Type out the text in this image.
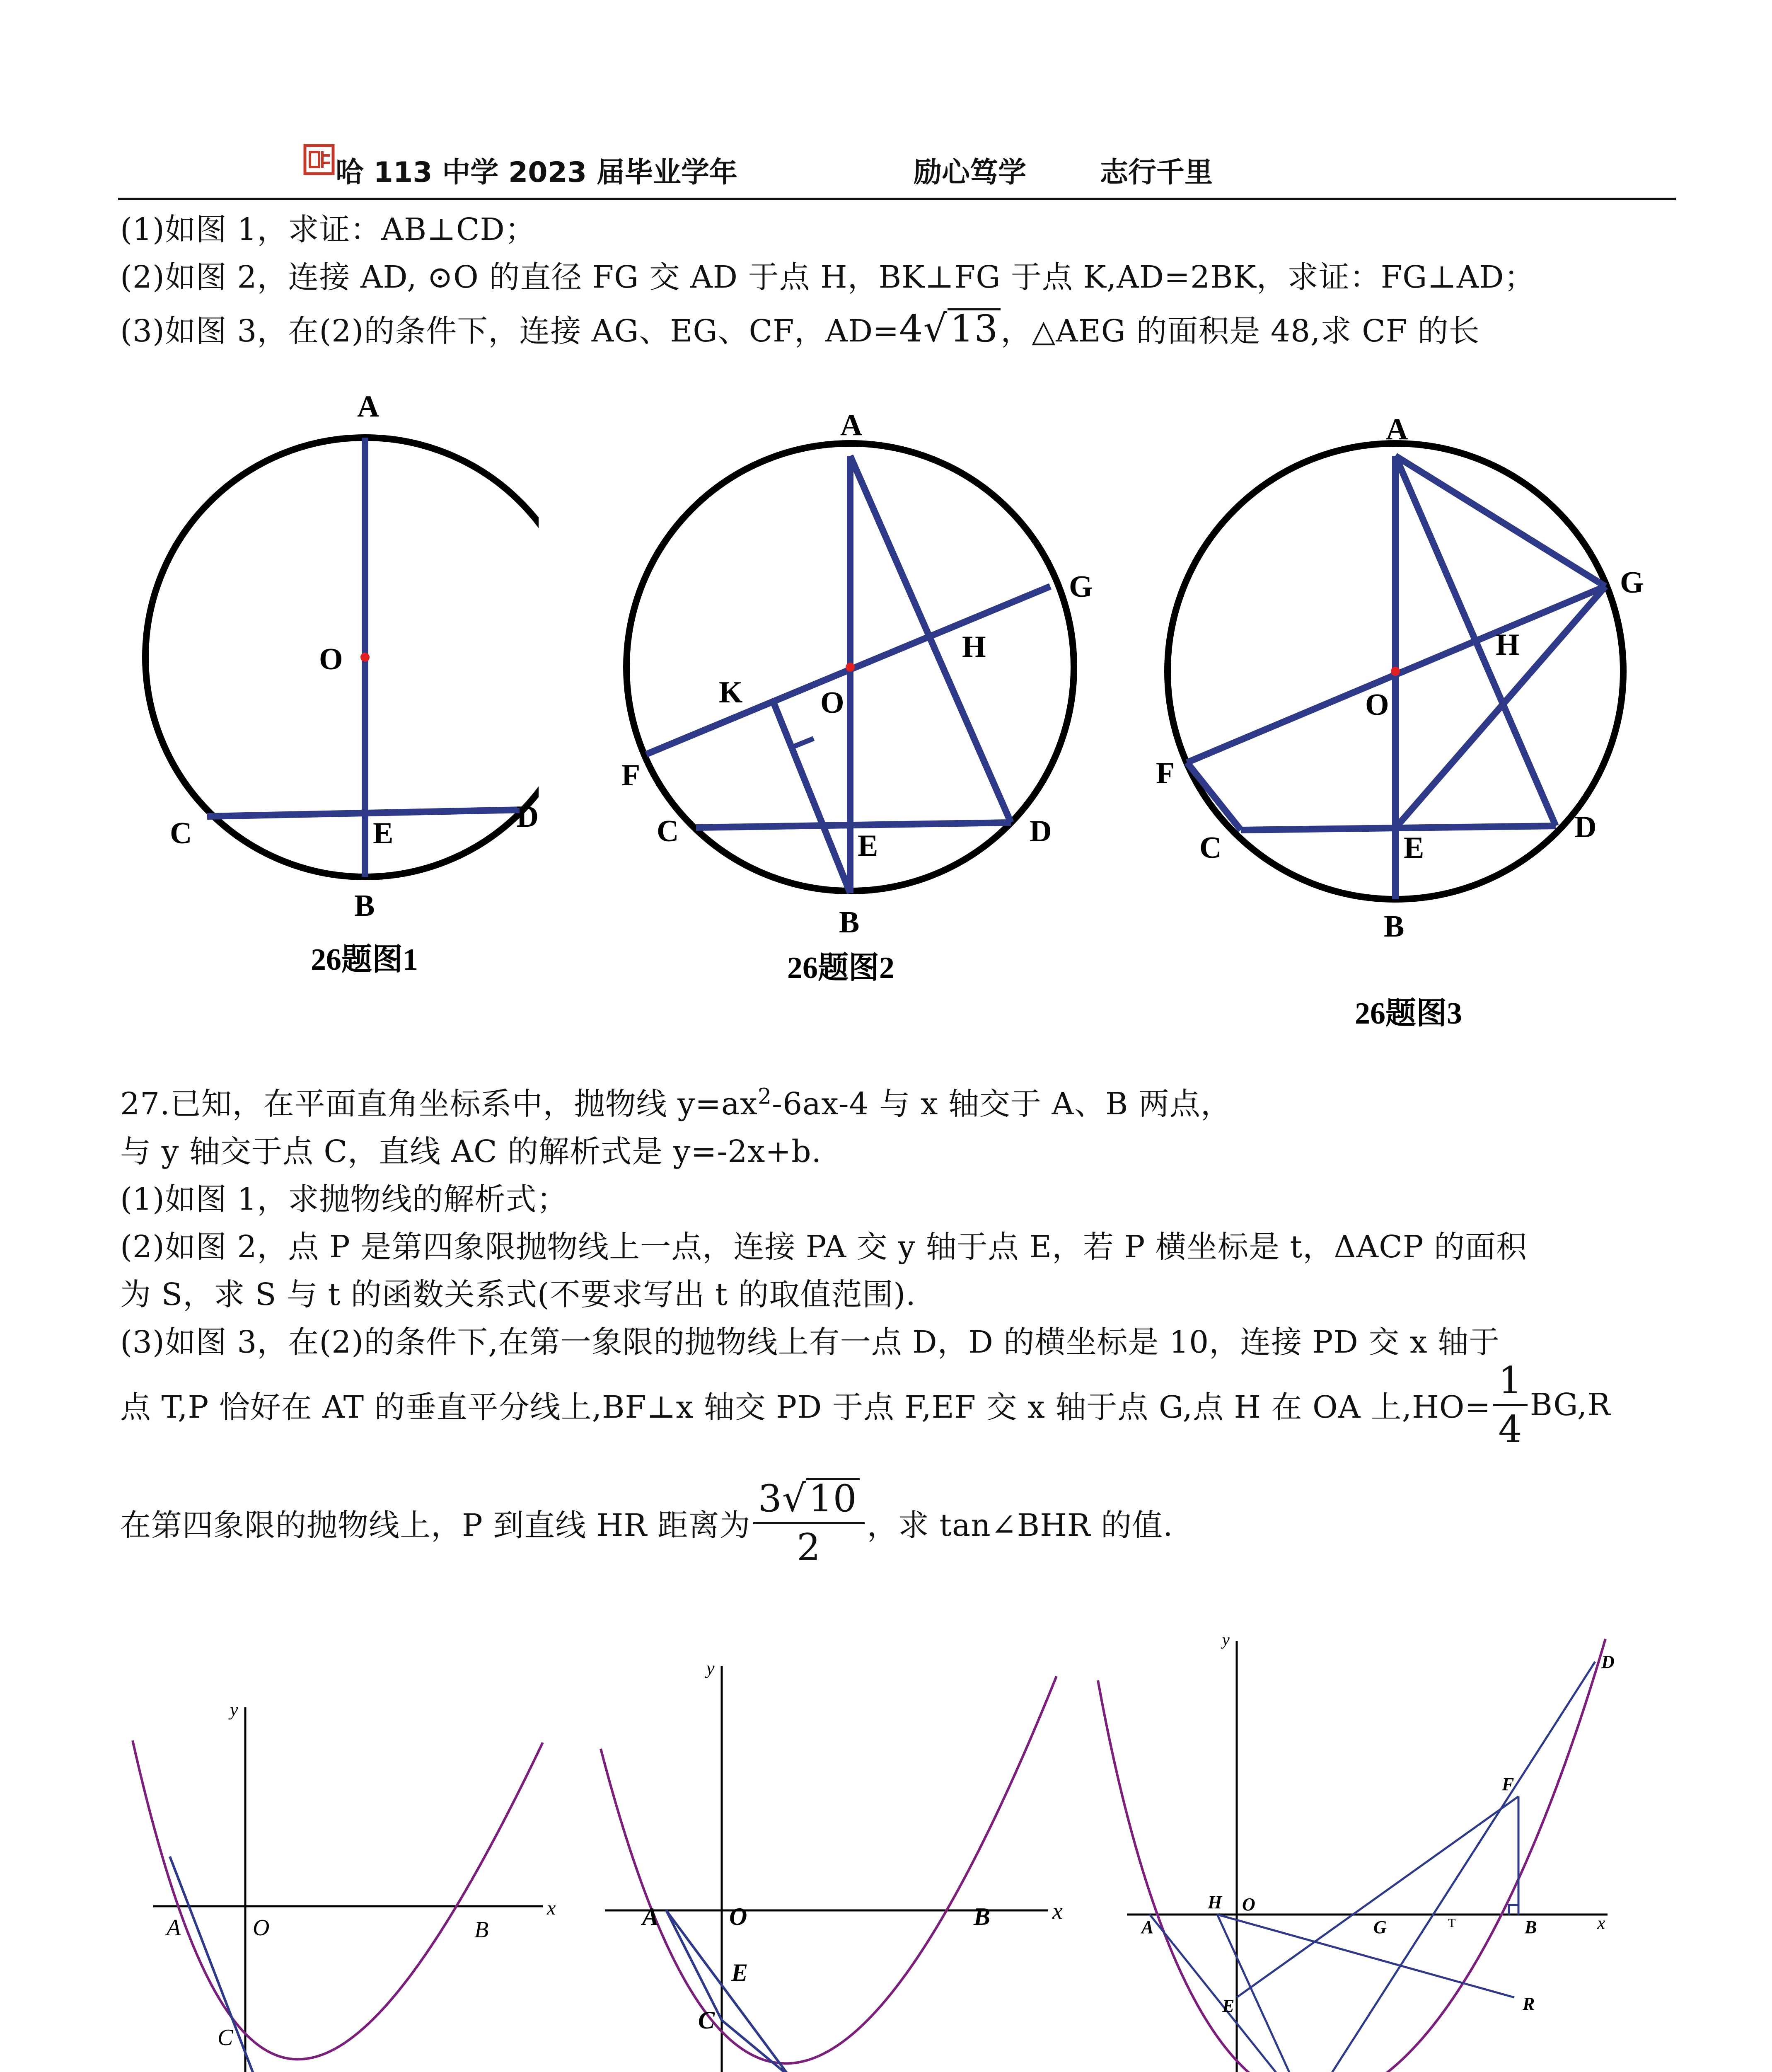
哈 113 中学 2023 届毕业学年	励心笃学	志行千里
(1)如图 1，求证：AB⊥CD；
(2)如图 2，连接 AD, ⊙O 的直径 FG 交 AD 于点 H，BK⊥FG 于点 K,AD=2BK，求证：FG⊥AD；
(3)如图 3，在(2)的条件下，连接 AG、EG、CF，AD=4√13，△AEG 的面积是 48,求 CF 的长
A
O
C	E	D
B
26题图1
A
G
H
K	O
F
C	E	D
B
26题图2
A
G
H
O
F
C	E
D
B
26题图3
27.已知，在平面直角坐标系中，抛物线 $y=ax^2-6ax-4$ 与 x 轴交于 A、B 两点，
与 y 轴交于点 C，直线 AC 的解析式是 y=-2x+b.
(1)如图 1，求抛物线的解析式；
(2)如图 2，点 P 是第四象限抛物线上一点，连接 PA 交 y 轴于点 E，若 P 横坐标是 t，ΔACP 的面积
为 S，求 S 与 t 的函数关系式(不要求写出 t 的取值范围).
(3)如图 3，在(2)的条件下,在第一象限的抛物线上有一点 D，D 的横坐标是 10，连接 PD 交 x 轴于
点 T,P 恰好在 AT 的垂直平分线上,BF⊥x 轴交 PD 于点 F,EF 交 x 轴于点 G,点 H 在 OA 上$,HO= \frac{1}{4} BG,R$
在第四象限的抛物线上，P 到直线 HR 距离为 $\frac{3√10}{2}$ ，求 tan∠BHR 的值.
x
y
A	O	B
C
x
y
A	O	B
E
C
x
y
H O
A	G	T	B
F
D
R
E
